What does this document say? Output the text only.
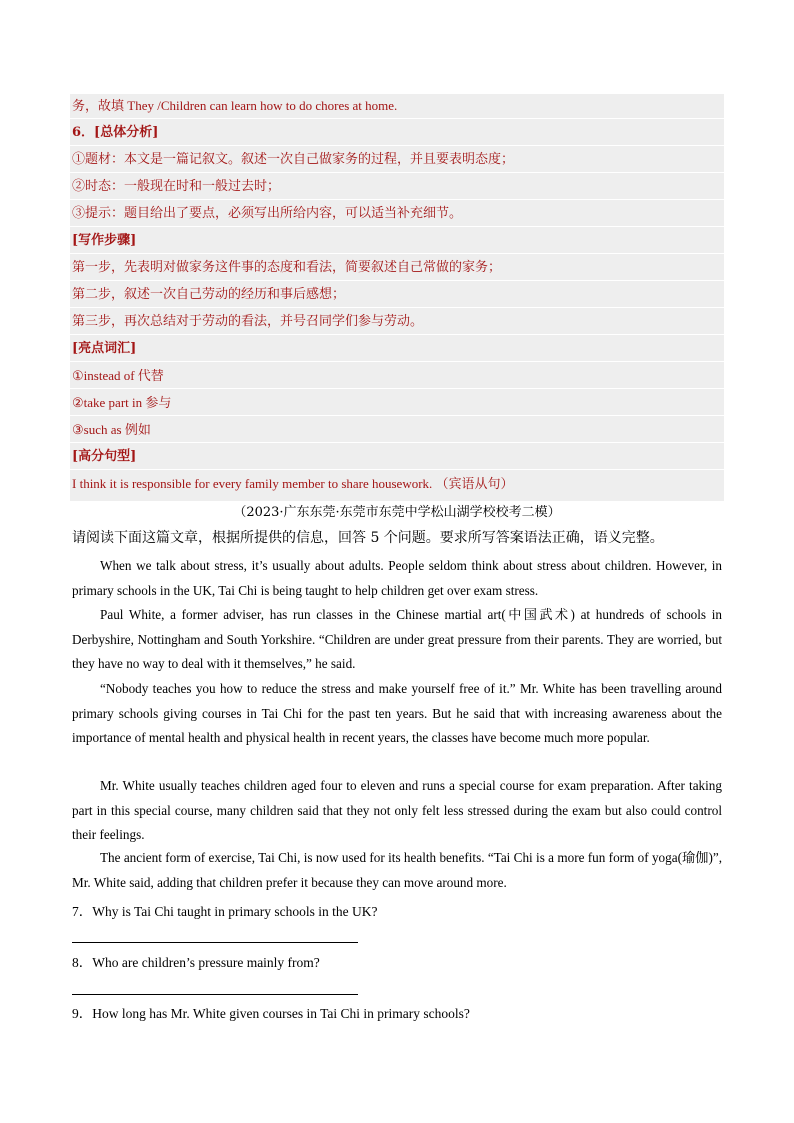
务，故填 They /Children can learn how to do chores at home.
6．[总体分析]
①题材：本文是一篇记叙文。叙述一次自己做家务的过程，并且要表明态度；
②时态：一般现在时和一般过去时；
③提示：题目给出了要点，必须写出所给内容，可以适当补充细节。
[写作步骤]
第一步，先表明对做家务这件事的态度和看法，简要叙述自己常做的家务；
第二步，叙述一次自己劳动的经历和事后感想；
第三步，再次总结对于劳动的看法，并号召同学们参与劳动。
[亮点词汇]
①instead of 代替
②take part in 参与
③such as 例如
[高分句型]
I think it is responsible for every family member to share housework. （宾语从句）
（2023·广东东莞·东莞市东莞中学松山湖学校校考二模）
请阅读下面这篇文章，根据所提供的信息，回答 5 个问题。要求所写答案语法正确，语义完整。

When we talk about stress, it’s usually about adults. People seldom think about stress about children. However, in primary schools in the UK, Tai Chi is being taught to help children get over exam stress.

Paul White, a former adviser, has run classes in the Chinese martial art(中国武术) at hundreds of schools in Derbyshire, Nottingham and South Yorkshire. “Children are under great pressure from their parents. They are worried, but they have no way to deal with it themselves,” he said.

“Nobody teaches you how to reduce the stress and make yourself free of it.” Mr. White has been travelling around primary schools giving courses in Tai Chi for the past ten years. But he said that with increasing awareness about the importance of mental health and physical health in recent years, the classes have become much more popular.

Mr. White usually teaches children aged four to eleven and runs a special course for exam preparation. After taking part in this special course, many children said that they not only felt less stressed during the exam but also could control their feelings.

The ancient form of exercise, Tai Chi, is now used for its health benefits. “Tai Chi is a more fun form of yoga(瑜伽)”, Mr. White said, adding that children prefer it because they can move around more.

7．Why is Tai Chi taught in primary schools in the UK?
8．Who are children’s pressure mainly from?
9．How long has Mr. White given courses in Tai Chi in primary schools?
